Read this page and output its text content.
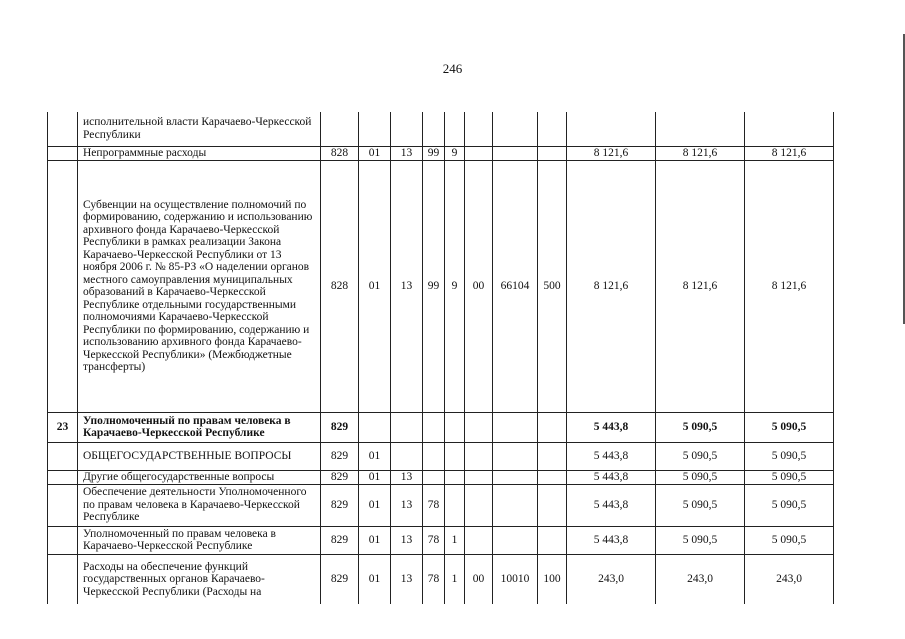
246
	исполнительной власти Карачаево-Черкесской Республики											
	Непрограммные расходы	828	01	13	99	9				8 121,6	8 121,6	8 121,6
	Субвенции на осуществление полномочий по формированию, содержанию и использованию архивного фонда Карачаево-Черкесской Республики в рамках реализации Закона Карачаево-Черкесской Республики от 13 ноября 2006 г. № 85-РЗ «О наделении органов местного самоуправления муниципальных образований в Карачаево-Черкесской Республике отдельными государственными полномочиями Карачаево-Черкесской Республики по формированию, содержанию и использованию архивного фонда Карачаево-Черкесской Республики» (Межбюджетные трансферты)	828	01	13	99	9	00	66104	500	8 121,6	8 121,6	8 121,6
23	Уполномоченный по правам человека в Карачаево-Черкесской Республике	829								5 443,8	5 090,5	5 090,5
	ОБЩЕГОСУДАРСТВЕННЫЕ ВОПРОСЫ	829	01							5 443,8	5 090,5	5 090,5
	Другие общегосударственные вопросы	829	01	13						5 443,8	5 090,5	5 090,5
	Обеспечение деятельности Уполномоченного по правам человека в Карачаево-Черкесской Республике	829	01	13	78					5 443,8	5 090,5	5 090,5
	Уполномоченный по правам человека в Карачаево-Черкесской Республике	829	01	13	78	1				5 443,8	5 090,5	5 090,5
	Расходы на обеспечение функций государственных органов Карачаево-Черкесской Республики (Расходы на	829	01	13	78	1	00	10010	100	243,0	243,0	243,0
